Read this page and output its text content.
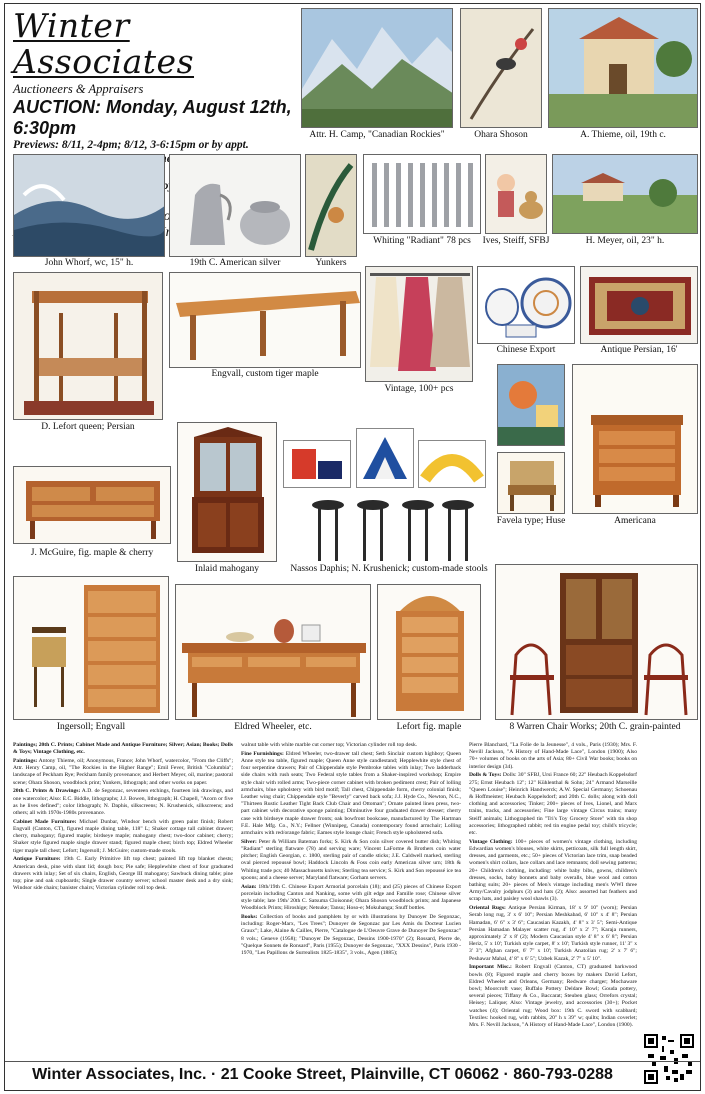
Winter Associates
Auctioneers & Appraisers
AUCTION: Monday, August 12th, 6:30pm
Previews: 8/11, 2-4pm; 8/12, 3-6:15pm or by appt.
Toys;
Attr. H. Camp, "Canadian Rockies"	Ohara Shoson	A. Thieme, oil, 19th c.
John Whorf, wc, 15" h.	19th C. American silver	Yunkers
Whiting "Radiant" 78 pcs	Ives, Steiff, SFBJ	H. Meyer, oil, 23" h.
D. Lefort queen; Persian
Engvall, custom tiger maple
Vintage, 100+ pcs
Chinese Export	Antique Persian, 16'
J. McGuire, fig. maple & cherry
Inlaid mahogany	Nassos Daphis; N. Krushenick; custom-made stools
Favela type; Huse	Americana
Ingersoll; Engvall	Eldred Wheeler, etc.	Lefort fig. maple	8 Warren Chair Works; 20th C. grain-painted

Paintings; 20th C. Prints; Cabinet Made and Antique Furniture; Silver; Asian; Books; Dolls & Toys; Vintage Clothing, etc.

Paintings: Antony Thieme, oil; Anonymous, France; John Whorf, watercolor, "From the Cliffs"; Attr. Henry Camp, oil, "The Rockies in the Higher Range"; Emil Fever, British "Columbia"; landscape of Peckham Rye; Peckham family provenance; and Herbert Meyer, oil, marine; pastoral scene; Ohara Shoson, woodblock print; Yunkers, lithograph; and other works on paper.

20th C. Prints & Drawings: A.D. de Segonzac, seventeen etchings, fourteen ink drawings, and one watercolor; Also: E.C. Biddle, lithographs; J.J. Bowen, lithograph; H. Chapell, "Acorn or five as he lives defined"; color lithograph; N. Daphis, silkscreens; N. Krushenick, silkscreens; and others; all with 1970s-1980s provenance.

Cabinet Made Furniture: Michael Dunbar, Windsor bench with green paint finish; Robert Engvall (Canton, CT), figured maple dining table, 118" L; Shaker cottage tall cabinet drawer; cherry, mahogany; figured maple; birdseye maple; mahogany chest; two-door cabinet; cherry; Shaker style figured maple single drawer stand; figured maple chest; birch top; Eldred Wheeler tiger maple tall chest; Lefort; Ingersoll; J. McGuire; custom-made stools.

Antique Furniture: 19th C. Early Primitive lift top chest; painted lift top blanket chests; American desk, pine with slant lid; dough box; Pie safe; Hepplewhite chest of four graduated drawers with inlay; Set of six chairs, English, George III mahogany; Sawbuck dining table; pine top; pine and oak cupboards; Single drawer country server; school master desk and a dry sink; Windsor side chairs; banister chairs; Victorian cylinder roll top desk.

walnut table with white marble cut corner top; Victorian cylinder roll top desk.

Fine Furnishings: Eldred Wheeler, two-drawer tall chest; Seth Sinclair custom highboy; Queen Anne style tea table, figured maple; Queen Anne style candlestand; Hepplewhite style chest of four serpentine drawers; Pair of Chippendale style Pembroke tables with inlay; Two ladderback side chairs with rush seats; Two Federal style tables from a Shaker-inspired workshop; Empire style chair with rolled arms; Two-piece corner cabinet with broken pediment crest; Pair of lolling armchairs, blue upholstery with bird motif; Tall chest, Chippendale form, cherry colonial finish; Leather wing chair; Chippendale style "Beverly" carved back sofa; J.J. Hyde Co., Newton, N.C., "Thirteen Rustic Leather Tight Back Club Chair and Ottoman"; Ornate painted linen press, two-part cabinet with decorative sponge painting; Diminutive four graduated drawer dresser; cherry case with birdseye maple drawer fronts; oak bowfront bookcase, manufactured by The Hartman F.E. Hale Mfg. Co., N.Y.; Fellner (Winnipeg, Canada) contemporary found armchair; Lolling armchairs with red/orange fabric; Eames style lounge chair; French style upholstered sofa.

Silver: Peter & William Bateman forks; S. Kirk & Son coin silver covered butter dish; Whiting "Radiant" sterling flatware (78) and serving ware; Vincent LaForme & Brothers coin water pitcher; English Georgian, c. 1800, sterling pair of candle sticks; J.E. Caldwell marked, sterling oval pierced repoussé bowl; Haddock Lincoln & Foss coin early American silver urn; 18th & Whiting trade pcs; 40 Massachusetts knives; Sterling tea service; S. Kirk and Son repoussé ice tea spoons; and a cheese server; Maryland flatware; Gorham servers.

Asian: 18th/19th C. Chinese Export Armorial porcelain (18); and (25) pieces of Chinese Export porcelain including Canton and Nanking, some with gilt edge and Famille rose; Chinese silver style table; late 19th/ 20th C. Satsuma Cloisonné; Ohara Shoson woodblock prints; and Japanese Woodblock Prints; Hiroshige; Netsuke; Tansu; Hoso-e; Mokuhanga; Snuff bottles.

Books: Collection of books and pamphlets by or with illustrations by Dunoyer De Segonzac, including: Roger-Marx, "Les Trees"; Dunoyer de Segonzac par Les Amis du Docteur Lucien Graux"; Lake, Alaine & Cailles, Pierre, "Catalogue de L'Oeuvre Grave de Dunoyer De Segonzac" 8 vols.; Geneve (1958); "Dunoyer De Segonzac, Dessins 1900-1970" (2); Rossard, Pierre de, "Quelque Sonnets de Ronsard", Paris (1955); Dunoyer de Segonzac, "XXX Dessins", Paris 1930 - 1970, "Les Papillons de Surrealists 1825-1835", 3 vols., Agen (1885);

Pierre Blanchard, "La Folie de la Jeunesse", 4 vols., Paris (1930); Mrs. F. Nevill Jackson, "A History of Hand-Made Lace", London (1900); Also 70+ volumes of books on the arts of Asia; 80+ Civil War books; books on interior design (34).

Dolls & Toys: Dolls: 30" SFBJ, Ursi France 60; 22" Heubach Koppelsdorf 275; Ernst Heubach 12"; 12" Kühlenthal & Sohn; 24" Armand Marseille "Queen Louise"; Heinrich Handwerck; A.W. Special Germany; Schoenau & Hoffmeister; Heubach Koppelsdorf; and 20th C. dolls; along with doll clothing and accessories; Tinker; 200+ pieces of Ives, Lionel, and Marx trains, tracks, and accessories; Fine large vintage Circus trains; many Steiff animals; Lithographed tin "Tri's Toy Grocery Store" with tin shop accessories; lithographed rabbit; red tin engine pedal toy; child's tricycle; etc.

Vintage Clothing: 100+ pieces of women's vintage clothing, including Edwardian women's blouses, white skirts, petticoats, silk full length skirt, dresses, and garments, etc.; 50+ pieces of Victorian lace trim, snap beaded women's shirt collars, lace collars and lace remnants; doll sewing patterns; 20+ Children's clothing, including: white baby bibs, gowns, children's dresses, socks, baby bonnets and baby overalls, blue wool and cotton bathing suits; 20+ pieces of Men's vintage including men's WWI three Army/Cavalry jodphurs (3) and hats (2); Also: assorted hat feathers and scrap hats, and paisley wool shawls (3).

Oriental Rugs: Antique Persian Kirman, 18' x 9' 10" (worn); Persian Serab long rug, 3' x 6' 10"; Persian Meshkabad, 6' 10" x 4' 8"; Persian Hamadan, 6' 6" x 3' 6"; Caucasian Kazakh, 4' 8" x 3' 5"; Semi-Antique Persian Hamadan Malayer scatter rug, 4' 10" x 2' 7"; Karaja runners, approximately 2' x 8' (2); Modern Caucasian style 4' 8" x 6' 8"; Persian Heriz, 5' x 10'; Turkish style carpet, 8' x 10'; Turkish style runner, 11' 3" x 3' 3"; Afghan carpet, 6' 7" x 10'; Turkish Anatolian rug; 2' x 7' 6"; Peshawar Mahal, 4' 8" x 6' 5"; Uzbek Kazak, 2' 7" x 5' 10".

Important Misc.: Robert Engvall (Canton, CT) graduated barkwood bowls (8); Figured maple and cherry boxes by makers David Lefort, Eldred Wheeler and Orleans, Germany; Redware charger; Mochaware bowl; Moorcroft vase; Buffalo Pottery Deldare Bowl; Gouda pottery, several pieces; Tiffany & Co., Baccarat; Steuben glass; Orrefors crystal; Heisey; Lalique; Also: Vintage jewelry, and accessories (30+); Pocket watches (4); Oriental rug; Wood box: 19th C. sword with scabbard; Textiles: hooked rug, with rabbits, 20" h x 39" w; quilts; Indian coverlet; Mrs. F. Nevill Jackson, "A History of Hand-Made Lace", London (1900).

Winter Associates, Inc. · 21 Cooke Street, Plainville, CT 06062 · 860-793-0288
